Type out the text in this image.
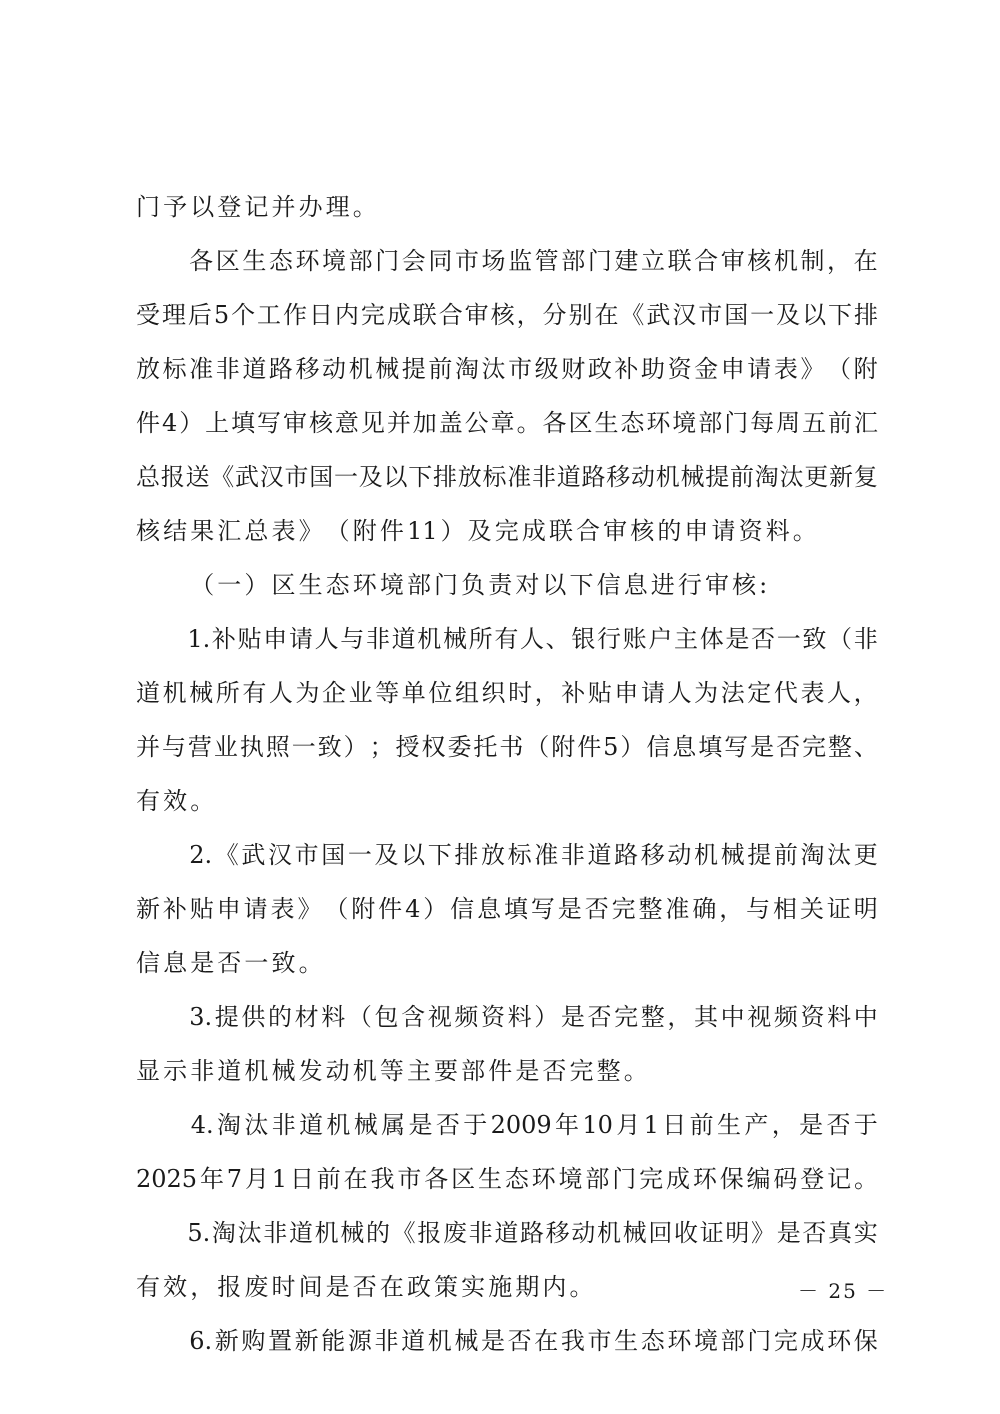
门 予 以 登 记 并 办 理 。

各 区 生 态 环 境 部 门 会 同 市 场 监 管 部 门 建 立 联 合 审 核 机 制 ， 在
受 理 后 5 个 工 作 日 内 完 成 联 合 审 核 ， 分 别 在 《 武 汉 市 国 一 及 以 下 排
放 标 准 非 道 路 移 动 机 械 提 前 淘 汰 市 级 财 政 补 助 资 金 申 请 表 》 （ 附
件 4 ） 上 填 写 审 核 意 见 并 加 盖 公 章 。 各 区 生 态 环 境 部 门 每 周 五 前 汇
总 报 送 《 武 汉 市 国 一 及 以 下 排 放 标 准 非 道 路 移 动 机 械 提 前 淘 汰 更 新 复
核 结 果 汇 总 表 》 （ 附 件 11 ） 及 完 成 联 合 审 核 的 申 请 资 料 。

（ 一 ） 区 生 态 环 境 部 门 负 责 对 以 下 信 息 进 行 审 核 :

1. 补 贴 申 请 人 与 非 道 机 械 所 有 人 、 银 行 账 户 主 体 是 否 一 致 （ 非
道 机 械 所 有 人 为 企 业 等 单 位 组 织 时 ， 补 贴 申 请 人 为 法 定 代 表 人 ，
并 与 营 业 执 照 一 致 ） ； 授 权 委 托 书 （ 附 件 5 ） 信 息 填 写 是 否 完 整 、
有 效 。

2. 《 武 汉 市 国 一 及 以 下 排 放 标 准 非 道 路 移 动 机 械 提 前 淘 汰 更
新 补 贴 申 请 表 》 （ 附 件 4 ） 信 息 填 写 是 否 完 整 准 确 ， 与 相 关 证 明
信 息 是 否 一 致 。

3. 提 供 的 材 料 （ 包 含 视 频 资 料 ） 是 否 完 整 ， 其 中 视 频 资 料 中
显 示 非 道 机 械 发 动 机 等 主 要 部 件 是 否 完 整 。

4. 淘 汰 非 道 机 械 属 是 否 于 2009 年 10 月 1 日 前 生 产 ， 是 否 于
2025 年 7 月 1 日 前 在 我 市 各 区 生 态 环 境 部 门 完 成 环 保 编 码 登 记 。

5. 淘 汰 非 道 机 械 的 《 报 废 非 道 路 移 动 机 械 回 收 证 明 》 是 否 真 实
有 效 ， 报 废 时 间 是 否 在 政 策 实 施 期 内 。

6. 新 购 置 新 能 源 非 道 机 械 是 否 在 我 市 生 态 环 境 部 门 完 成 环 保
－ 25 －
